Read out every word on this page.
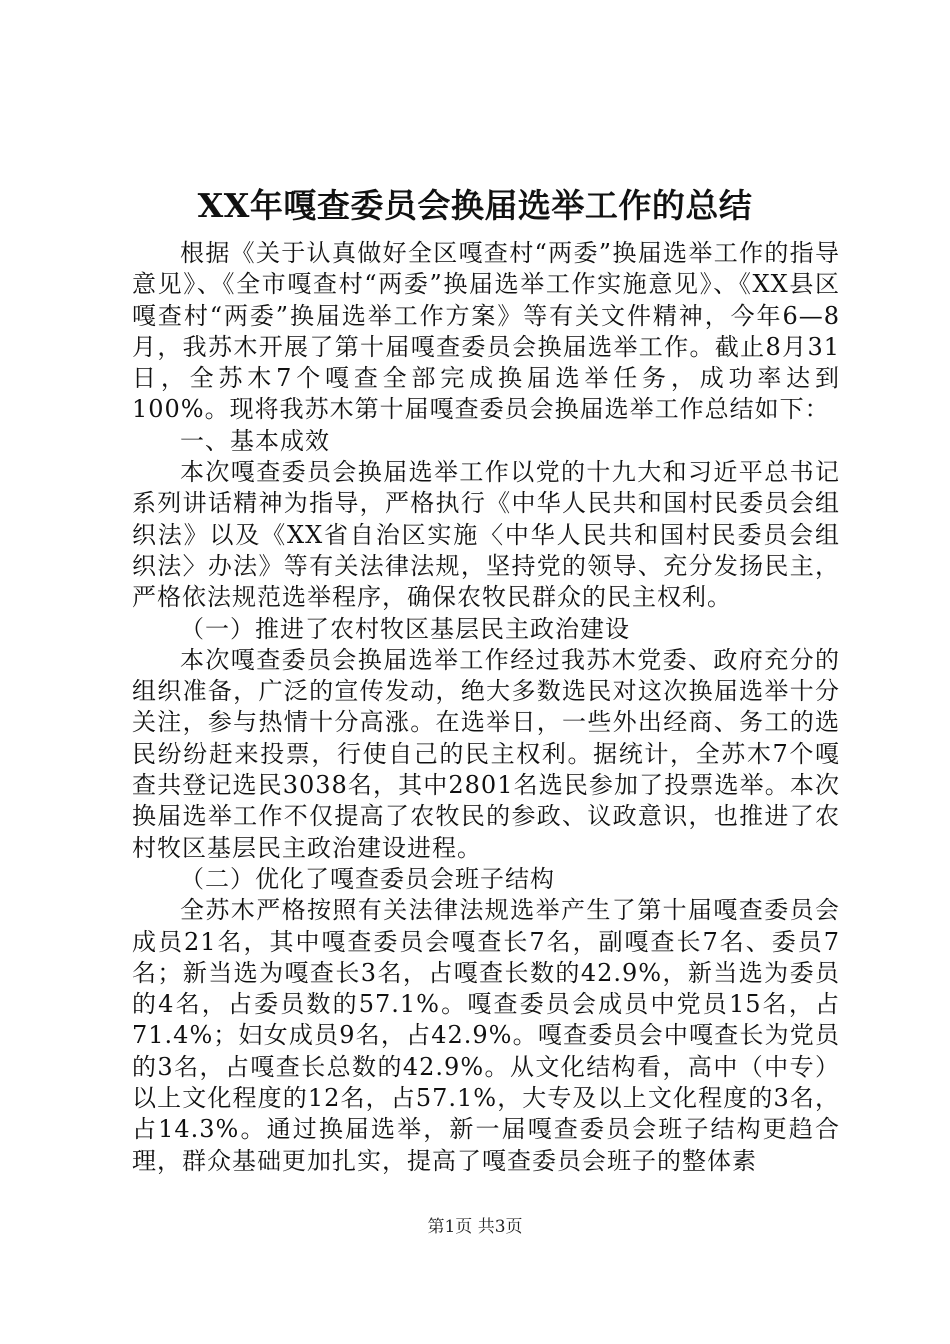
XX年嘎查委员会换届选举工作的总结

根据《关于认真做好全区嘎查村“两委”换届选举工作的指导意见》、《全市嘎查村“两委”换届选举工作实施意见》、《XX县区嘎查村“两委”换届选举工作方案》等有关文件精神，今年6—8月，我苏木开展了第十届嘎查委员会换届选举工作。截止8月31日，全苏木7个嘎查全部完成换届选举任务，成功率达到100%。现将我苏木第十届嘎查委员会换届选举工作总结如下：

一、基本成效

本次嘎查委员会换届选举工作以党的十九大和习近平总书记系列讲话精神为指导，严格执行《中华人民共和国村民委员会组织法》以及《XX省自治区实施〈中华人民共和国村民委员会组织法〉办法》等有关法律法规，坚持党的领导、充分发扬民主，严格依法规范选举程序，确保农牧民群众的民主权利。

（一）推进了农村牧区基层民主政治建设

本次嘎查委员会换届选举工作经过我苏木党委、政府充分的组织准备，广泛的宣传发动，绝大多数选民对这次换届选举十分关注，参与热情十分高涨。在选举日，一些外出经商、务工的选民纷纷赶来投票，行使自己的民主权利。据统计，全苏木7个嘎查共登记选民3038名，其中2801名选民参加了投票选举。本次换届选举工作不仅提高了农牧民的参政、议政意识，也推进了农村牧区基层民主政治建设进程。

（二）优化了嘎查委员会班子结构

全苏木严格按照有关法律法规选举产生了第十届嘎查委员会成员21名，其中嘎查委员会嘎查长7名，副嘎查长7名、委员7名；新当选为嘎查长3名，占嘎查长数的42.9%，新当选为委员的4名，占委员数的57.1%。嘎查委员会成员中党员15名，占71.4%；妇女成员9名，占42.9%。嘎查委员会中嘎查长为党员的3名，占嘎查长总数的42.9%。从文化结构看，高中（中专）以上文化程度的12名，占57.1%，大专及以上文化程度的3名，占14.3%。通过换届选举，新一届嘎查委员会班子结构更趋合理，群众基础更加扎实，提高了嘎查委员会班子的整体素

第1页 共3页
